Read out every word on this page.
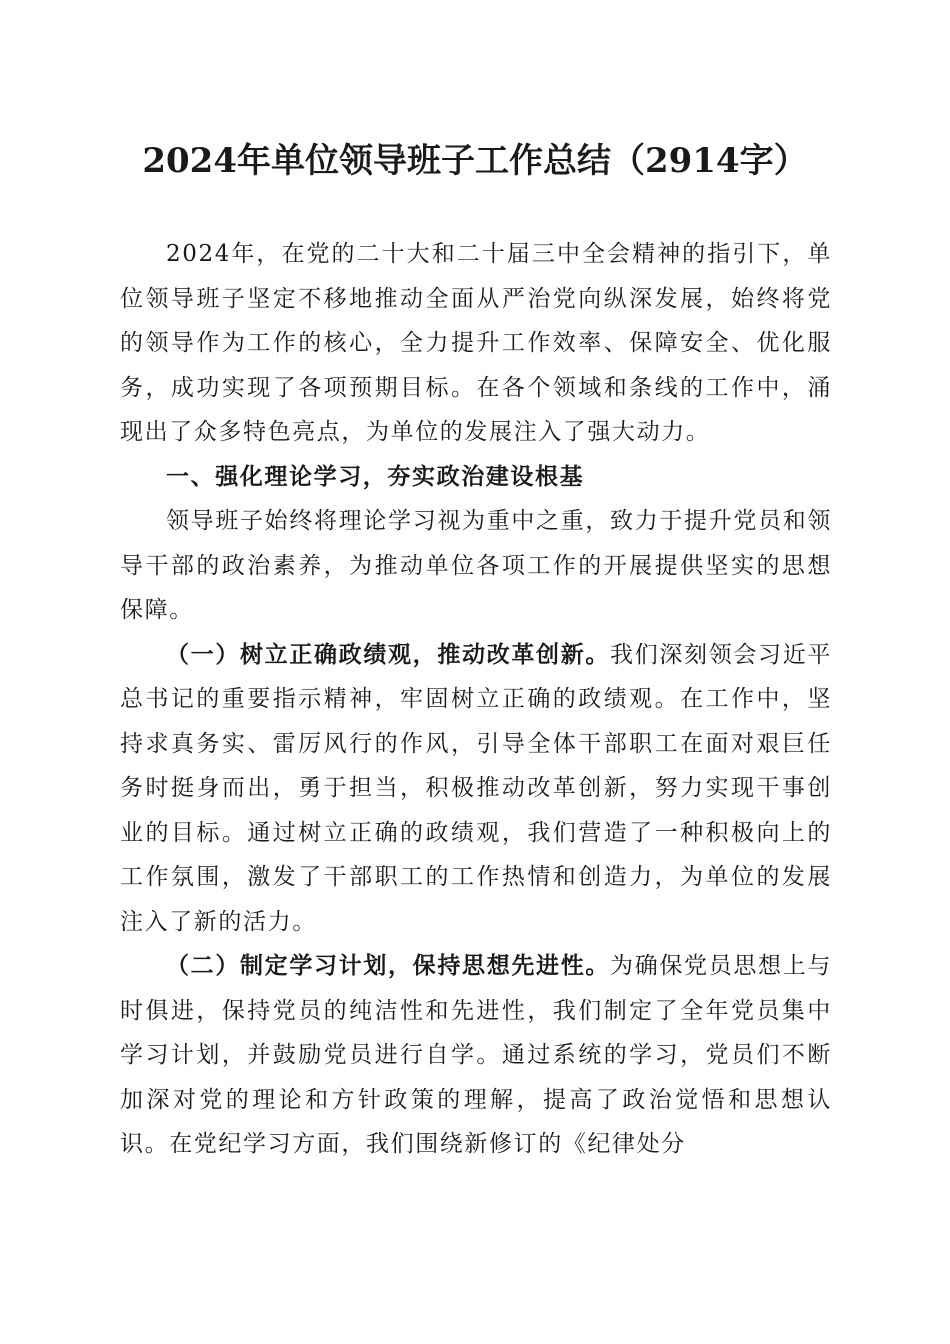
2024年单位领导班子工作总结（2914字）

2024年，在党的二十大和二十届三中全会精神的指引下，单位领导班子坚定不移地推动全面从严治党向纵深发展，始终将党的领导作为工作的核心，全力提升工作效率、保障安全、优化服务，成功实现了各项预期目标。在各个领域和条线的工作中，涌现出了众多特色亮点，为单位的发展注入了强大动力。

一、强化理论学习，夯实政治建设根基

领导班子始终将理论学习视为重中之重，致力于提升党员和领导干部的政治素养，为推动单位各项工作的开展提供坚实的思想保障。

（一）树立正确政绩观，推动改革创新。我们深刻领会习近平总书记的重要指示精神，牢固树立正确的政绩观。在工作中，坚持求真务实、雷厉风行的作风，引导全体干部职工在面对艰巨任务时挺身而出，勇于担当，积极推动改革创新，努力实现干事创业的目标。通过树立正确的政绩观，我们营造了一种积极向上的工作氛围，激发了干部职工的工作热情和创造力，为单位的发展注入了新的活力。

（二）制定学习计划，保持思想先进性。为确保党员思想上与时俱进，保持党员的纯洁性和先进性，我们制定了全年党员集中学习计划，并鼓励党员进行自学。通过系统的学习，党员们不断加深对党的理论和方针政策的理解，提高了政治觉悟和思想认识。在党纪学习方面，我们围绕新修订的《纪律处分
